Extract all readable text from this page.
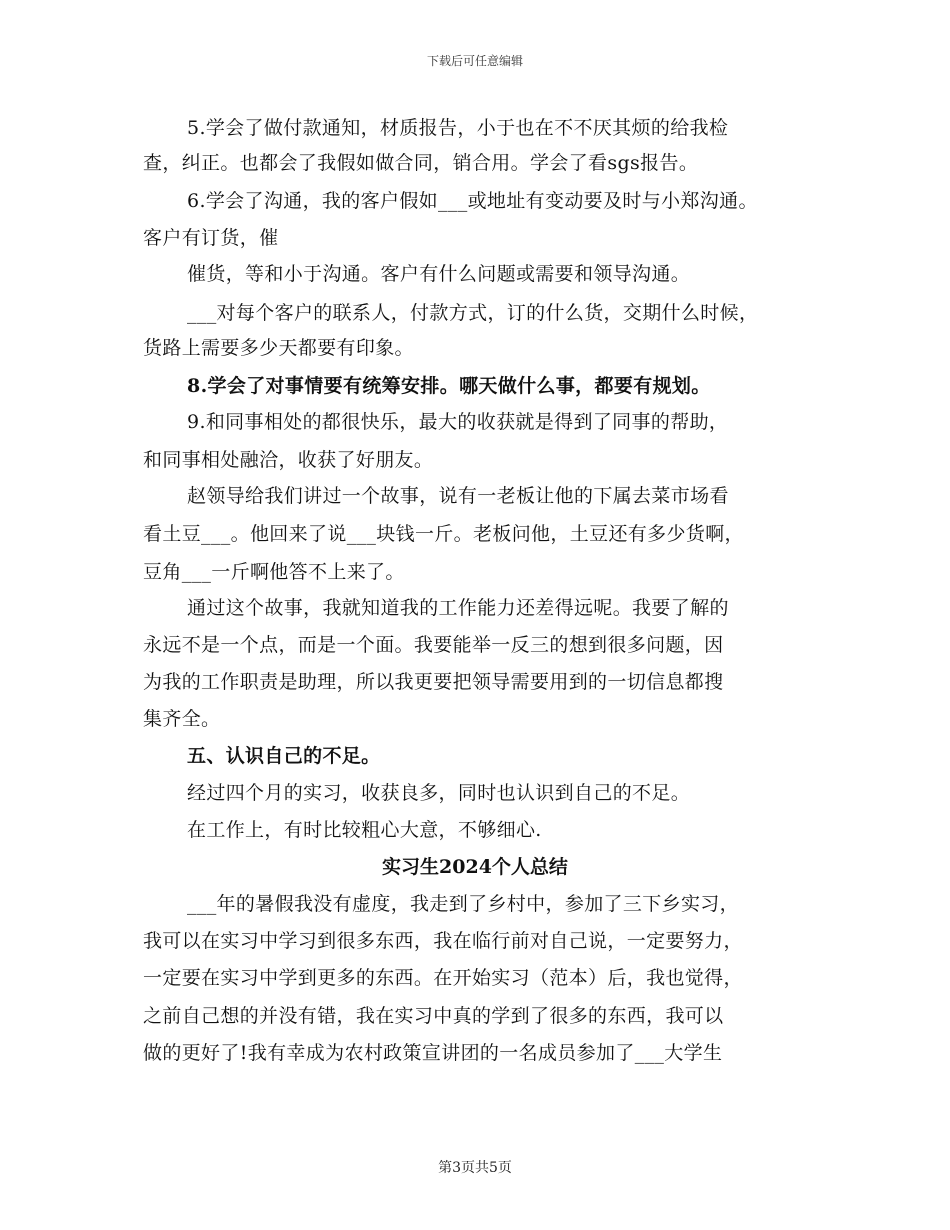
下载后可任意编辑
5.学会了做付款通知，材质报告，小于也在不不厌其烦的给我检
查，纠正。也都会了我假如做合同，销合用。学会了看sgs报告。
6.学会了沟通，我的客户假如___或地址有变动要及时与小郑沟通。
客户有订货，催
催货，等和小于沟通。客户有什么问题或需要和领导沟通。
___对每个客户的联系人，付款方式，订的什么货，交期什么时候，
货路上需要多少天都要有印象。
8.学会了对事情要有统筹安排。哪天做什么事，都要有规划。
9.和同事相处的都很快乐，最大的收获就是得到了同事的帮助，
和同事相处融洽，收获了好朋友。
赵领导给我们讲过一个故事，说有一老板让他的下属去菜市场看
看土豆___。他回来了说___块钱一斤。老板问他，土豆还有多少货啊，
豆角___一斤啊他答不上来了。
通过这个故事，我就知道我的工作能力还差得远呢。我要了解的
永远不是一个点，而是一个面。我要能举一反三的想到很多问题，因
为我的工作职责是助理，所以我更要把领导需要用到的一切信息都搜
集齐全。
五、认识自己的不足。
经过四个月的实习，收获良多，同时也认识到自己的不足。
在工作上，有时比较粗心大意，不够细心.
实习生2024个人总结
___年的暑假我没有虚度，我走到了乡村中，参加了三下乡实习，
我可以在实习中学习到很多东西，我在临行前对自己说，一定要努力，
一定要在实习中学到更多的东西。在开始实习（范本）后，我也觉得，
之前自己想的并没有错，我在实习中真的学到了很多的东西，我可以
做的更好了!我有幸成为农村政策宣讲团的一名成员参加了___大学生
第3页共5页
